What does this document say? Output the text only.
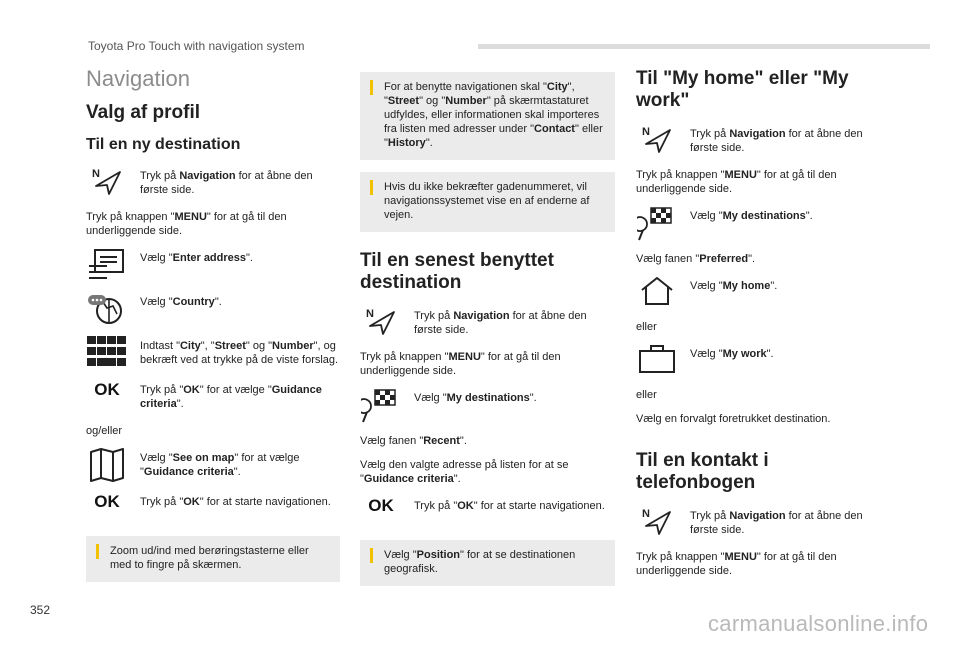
Toyota Pro Touch with navigation system
Navigation
Valg af profil
Til en ny destination
N	Tryk på Navigation for at åbne den første side.

Tryk på knappen "MENU" for at gå til den underliggende side.

Vælg "Enter address".
Vælg "Country".
Indtast "City", "Street" og "Number", og bekræft ved at trykke på de viste forslag.
OK Tryk på "OK" for at vælge "Guidance criteria".

og/eller

Vælg "See on map" for at vælge "Guidance criteria".
OK Tryk på "OK" for at starte navigationen.
Zoom ud/ind med berøringstasterne eller med to fingre på skærmen.
For at benytte navigationen skal "City", "Street" og "Number" på skærmtastaturet udfyldes, eller informationen skal importeres fra listen med adresser under "Contact" eller "History".
Hvis du ikke bekræfter gadenummeret, vil navigationssystemet vise en af enderne af vejen.
Til en senest benyttet destination
N	Tryk på Navigation for at åbne den første side.

Tryk på knappen "MENU" for at gå til den underliggende side.

Vælg "My destinations".

Vælg fanen "Recent".

Vælg den valgte adresse på listen for at se "Guidance criteria".

OK Tryk på "OK" for at starte navigationen.
Vælg "Position" for at se destinationen geografisk.
Til "My home" eller "My work"
N	Tryk på Navigation for at åbne den første side.

Tryk på knappen "MENU" for at gå til den underliggende side.

Vælg "My destinations".

Vælg fanen "Preferred".

Vælg "My home".

eller

Vælg "My work".

eller

Vælg en forvalgt foretrukket destination.

Til en kontakt i telefonbogen
N	Tryk på Navigation for at åbne den første side.

Tryk på knappen "MENU" for at gå til den underliggende side.

352
carmanualsonline.info
